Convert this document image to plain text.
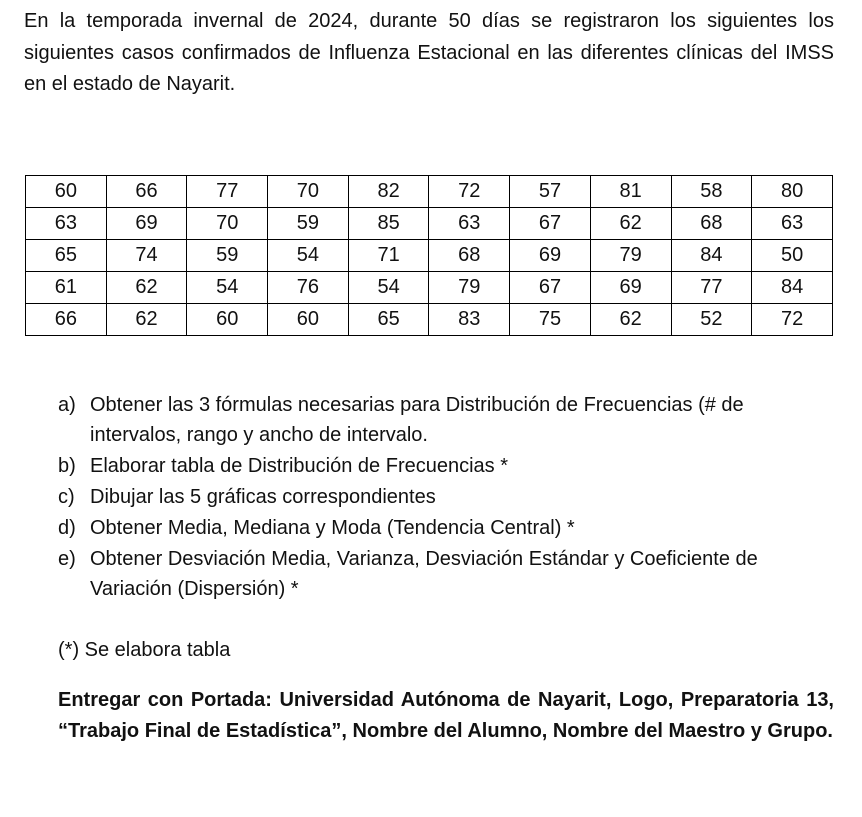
En la temporada invernal de 2024, durante 50 días se registraron los siguientes los siguientes casos confirmados de Influenza Estacional en las diferentes clínicas del IMSS en el estado de Nayarit.

60	66	77	70	82	72	57	81	58	80
63	69	70	59	85	63	67	62	68	63
65	74	59	54	71	68	69	79	84	50
61	62	54	76	54	79	67	69	77	84
66	62	60	60	65	83	75	62	52	72
a) Obtener las 3 fórmulas necesarias para Distribución de Frecuencias (# de intervalos, rango y ancho de intervalo.
b) Elaborar tabla de Distribución de Frecuencias *
c) Dibujar las 5 gráficas correspondientes
d) Obtener Media, Mediana y Moda (Tendencia Central) *
e) Obtener Desviación Media, Varianza, Desviación Estándar y Coeficiente de Variación (Dispersión) *

(*) Se elabora tabla

Entregar con Portada: Universidad Autónoma de Nayarit, Logo, Preparatoria 13, “Trabajo Final de Estadística”, Nombre del Alumno, Nombre del Maestro y Grupo.
